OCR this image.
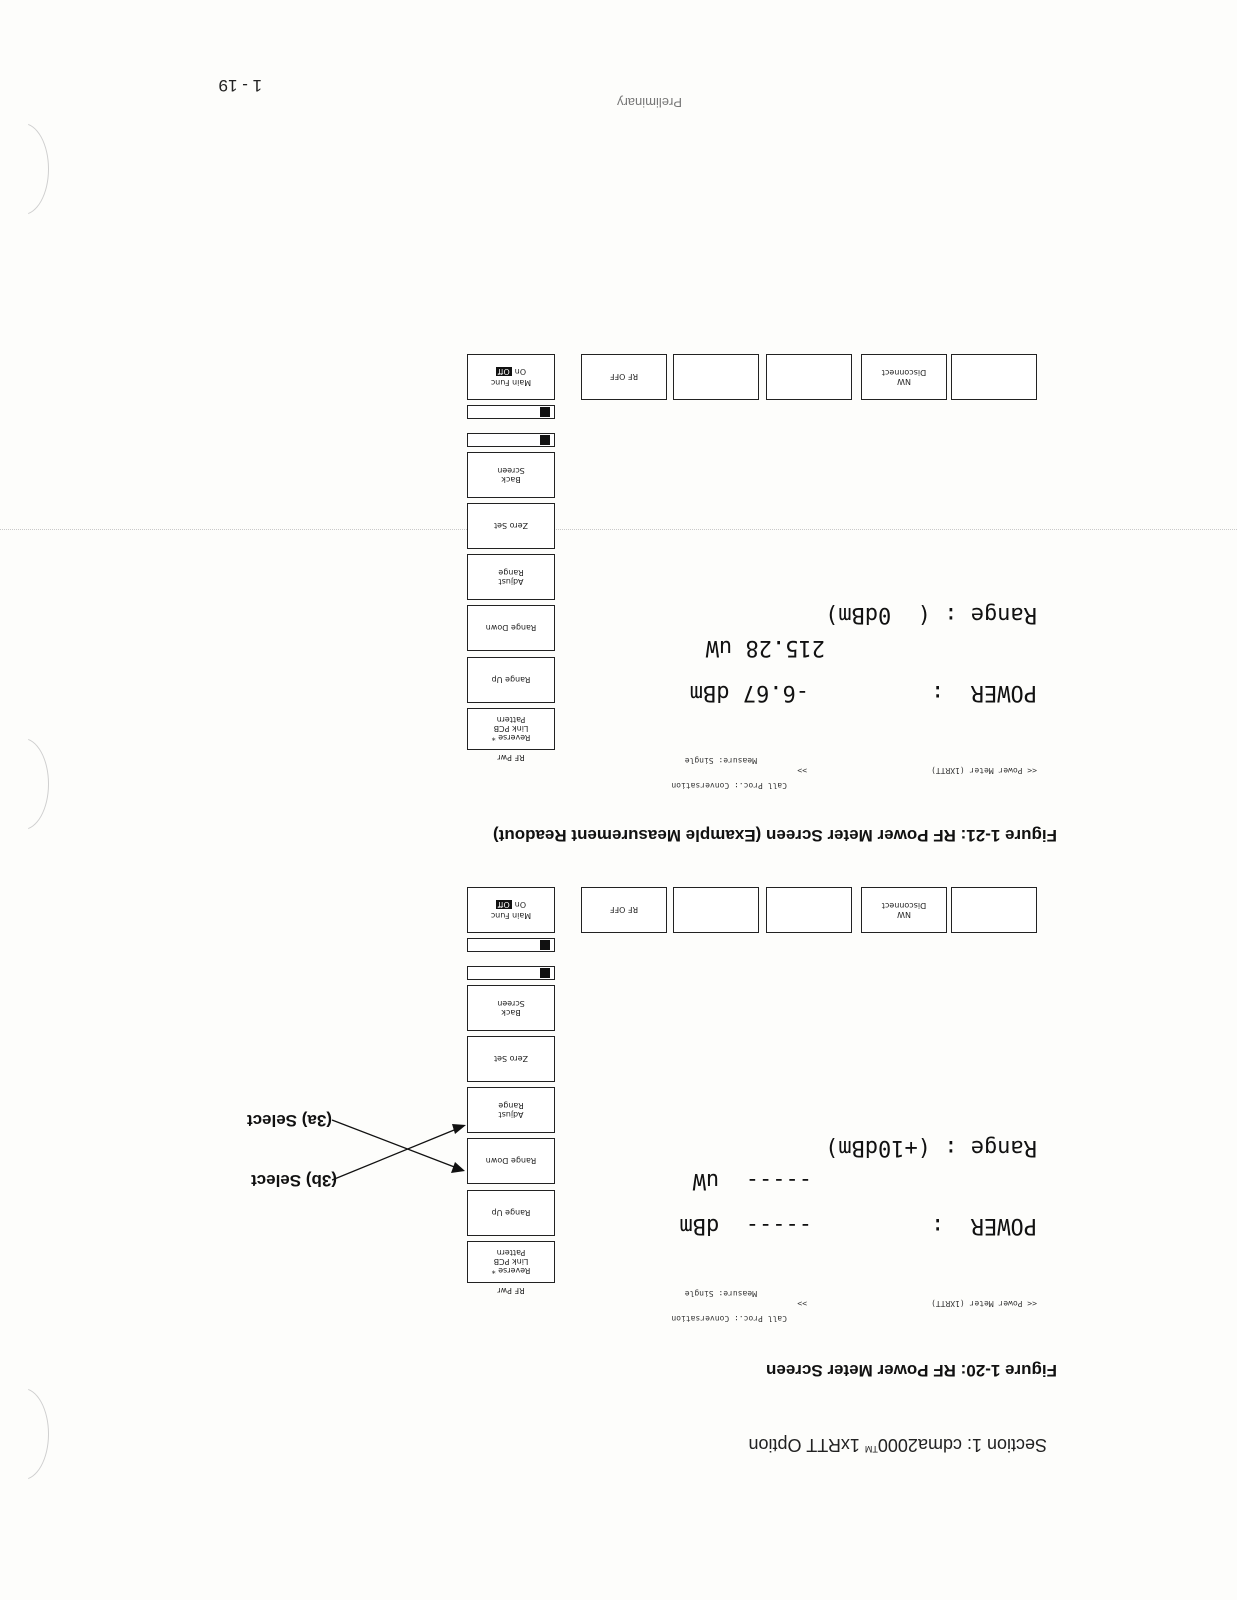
Section 1: cdma2000™ 1xRTT Option
Figure 1-20: RF Power Meter Screen
<< Power Meter (1XRTT)
>>
Measure: Single
Call Proc.: Conversation
POWER  :
-----  dBm
-----  uW
Range : (+10dBm)
RF Pwr
Reverse *
Link PCB
Pattern
Range Up
Range Down
Adjust
Range
Zero Set
Back
Screen
Main Func
On
Off
NW
Disconnect
RF OFF
(3a) Select
(3b) Select
Figure 1-21: RF Power Meter Screen (Example Measurement Readout)
<< Power Meter (1XRTT)
>>
Measure: Single
Call Proc.: Conversation
POWER  :
-6.67 dBm
215.28 uW
Range : (  0dBm)
RF Pwr
Reverse *
Link PCB
Pattern
Range Up
Range Down
Adjust
Range
Zero Set
Back
Screen
Main Func
On
Off
NW
Disconnect
RF OFF
Preliminary
1 - 19
